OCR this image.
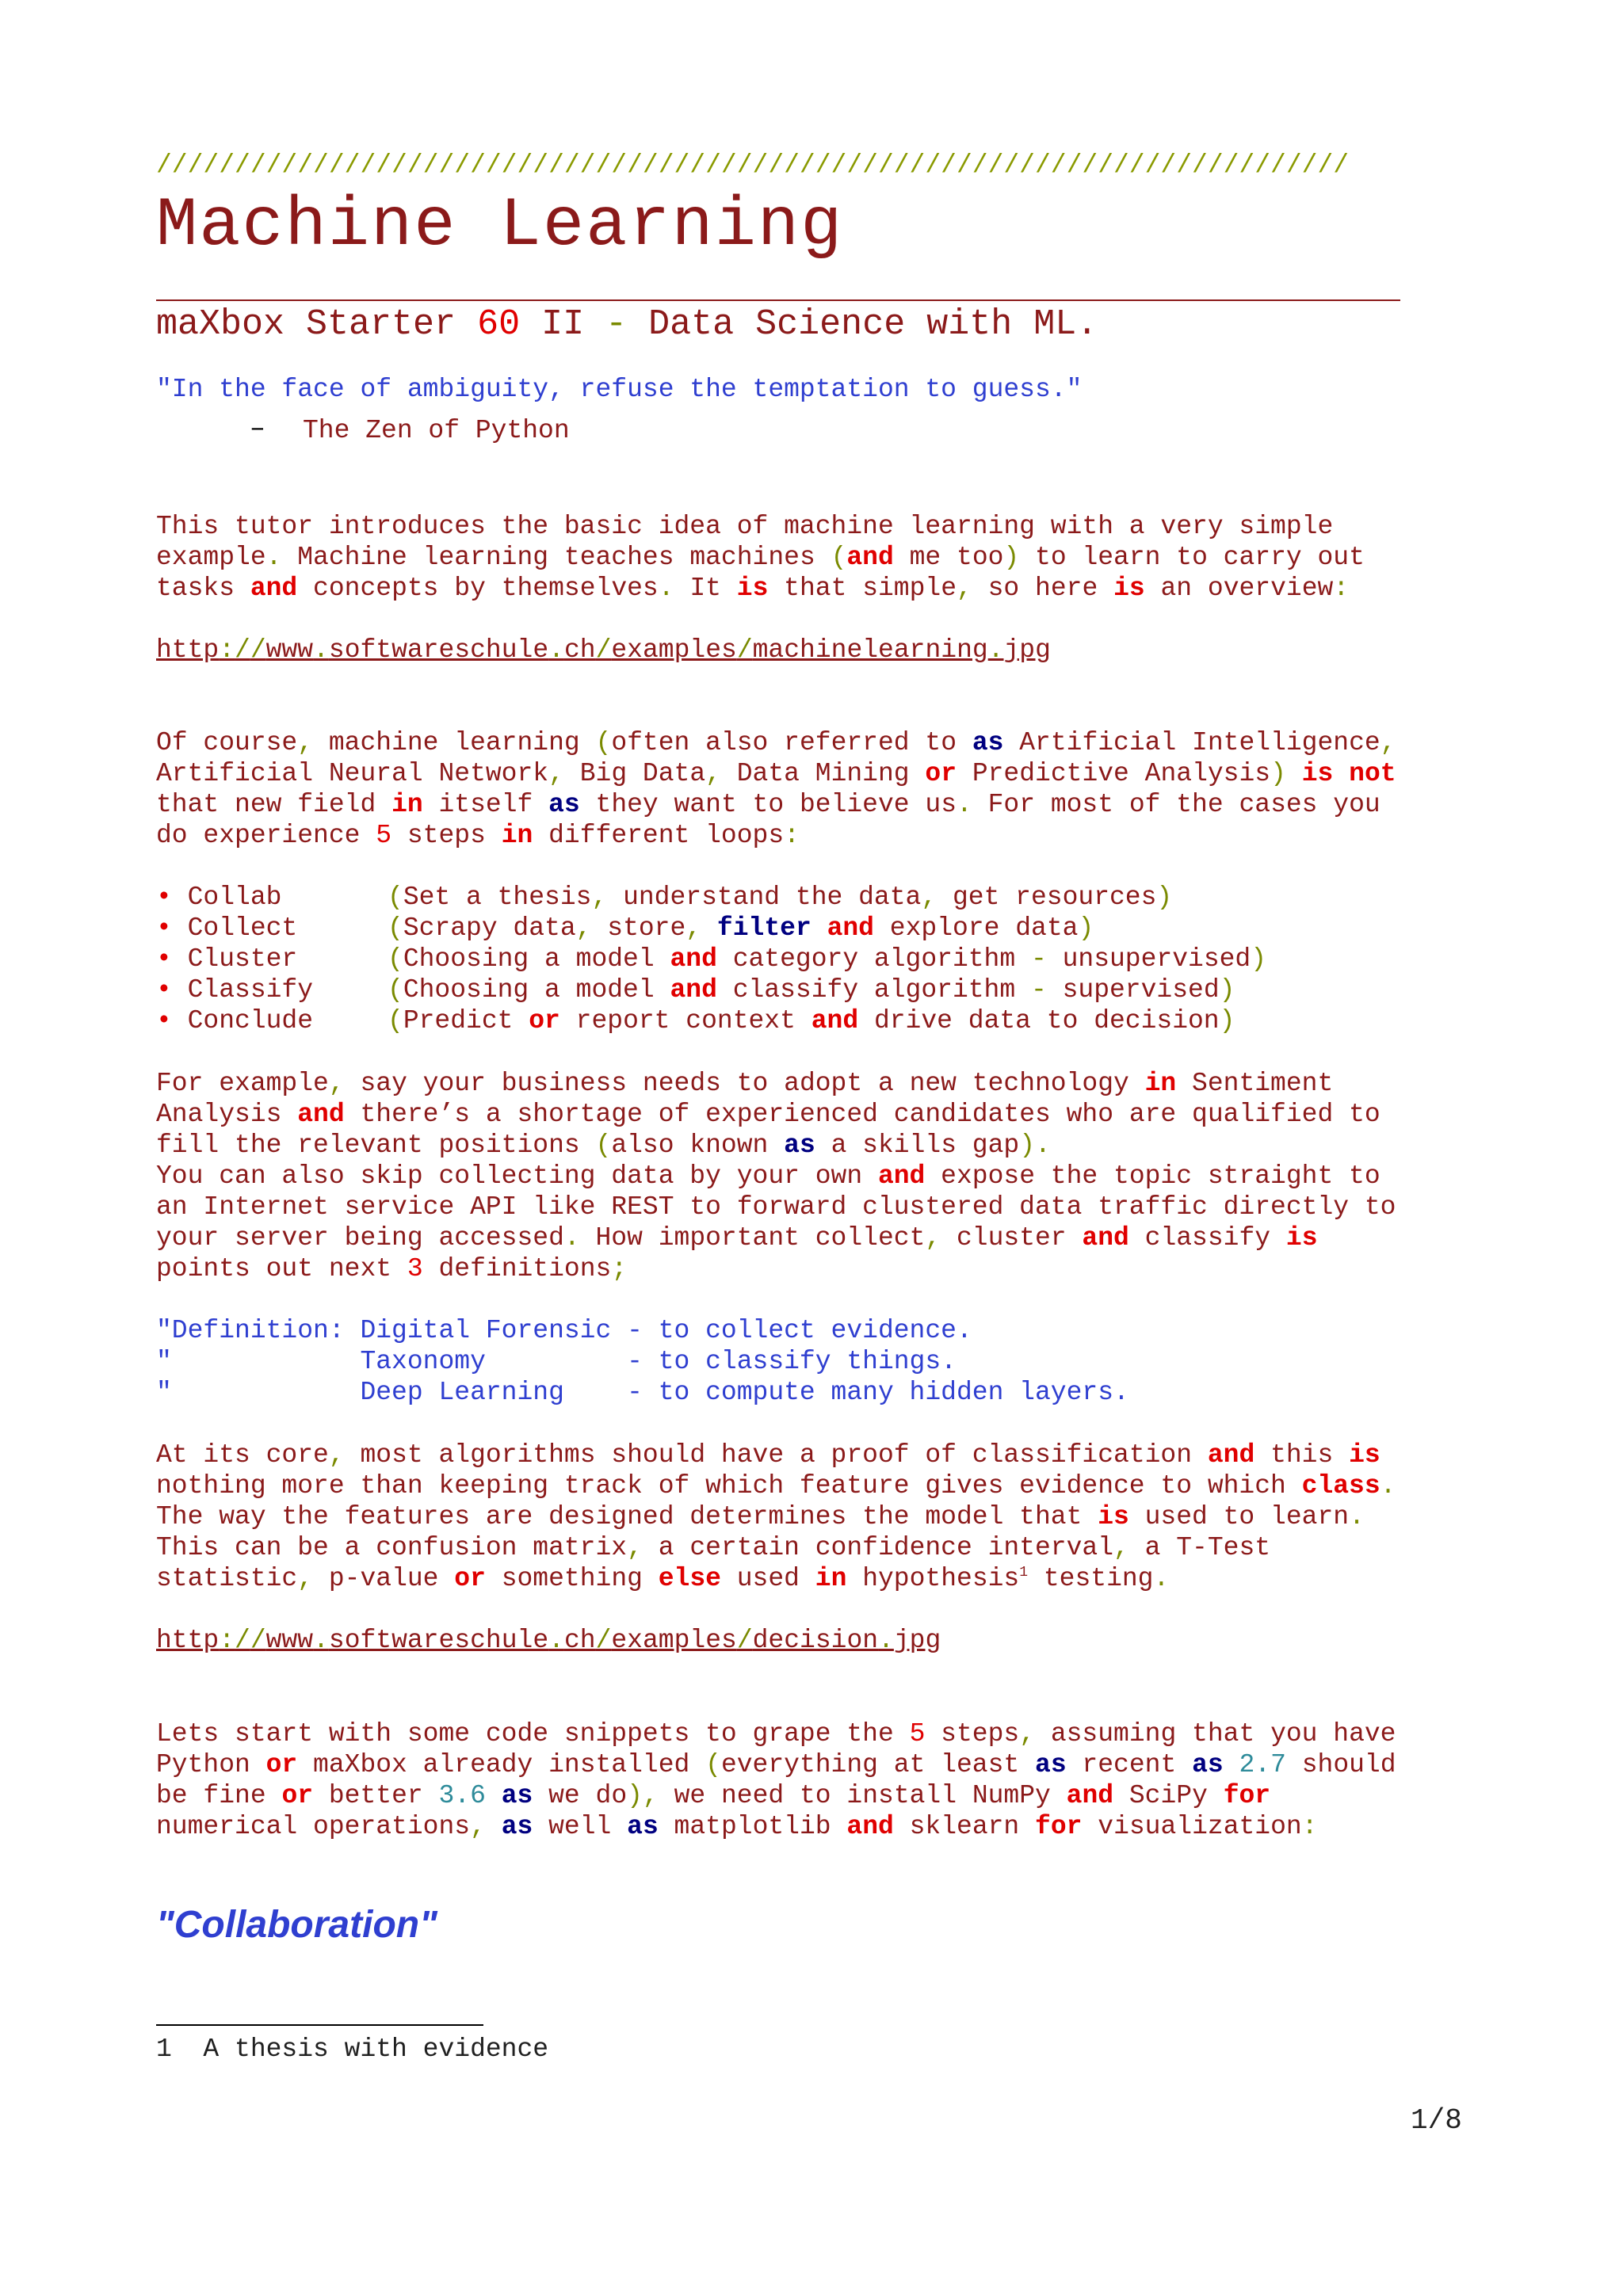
////////////////////////////////////////////////////////////////////////////
Machine Learning
maXbox Starter 60 II - Data Science with ML.
"In the face of ambiguity, refuse the temptation to guess."
– The Zen of Python
This tutor introduces the basic idea of machine learning with a very simple
example. Machine learning teaches machines (and me too) to learn to carry out
tasks and concepts by themselves. It is that simple, so here is an overview:
http://www.softwareschule.ch/examples/machinelearning.jpg
Of course, machine learning (often also referred to as Artificial Intelligence,
Artificial Neural Network, Big Data, Data Mining or Predictive Analysis) is not
that new field in itself as they want to believe us. For most of the cases you
do experience 5 steps in different loops:
• Collab	(Set a thesis, understand the data, get resources)
• Collect	(Scrapy data, store, filter and explore data)
• Cluster	(Choosing a model and category algorithm - unsupervised)
• Classify	(Choosing a model and classify algorithm - supervised)
• Conclude	(Predict or report context and drive data to decision)
For example, say your business needs to adopt a new technology in Sentiment
Analysis and there’s a shortage of experienced candidates who are qualified to
fill the relevant positions (also known as a skills gap).
You can also skip collecting data by your own and expose the topic straight to
an Internet service API like REST to forward clustered data traffic directly to
your server being accessed. How important collect, cluster and classify is
points out next 3 definitions;
"Definition: Digital Forensic - to collect evidence.
"            Taxonomy         - to classify things.
"            Deep Learning    - to compute many hidden layers.
At its core, most algorithms should have a proof of classification and this is
nothing more than keeping track of which feature gives evidence to which class.
The way the features are designed determines the model that is used to learn.
This can be a confusion matrix, a certain confidence interval, a T-Test
statistic, p-value or something else used in hypothesis$^1$ testing.
http://www.softwareschule.ch/examples/decision.jpg
Lets start with some code snippets to grape the 5 steps, assuming that you have
Python or maXbox already installed (everything at least as recent as 2.7 should
be fine or better 3.6 as we do), we need to install NumPy and SciPy for
numerical operations, as well as matplotlib and sklearn for visualization:
"Collaboration"
1  A thesis with evidence
1/8
